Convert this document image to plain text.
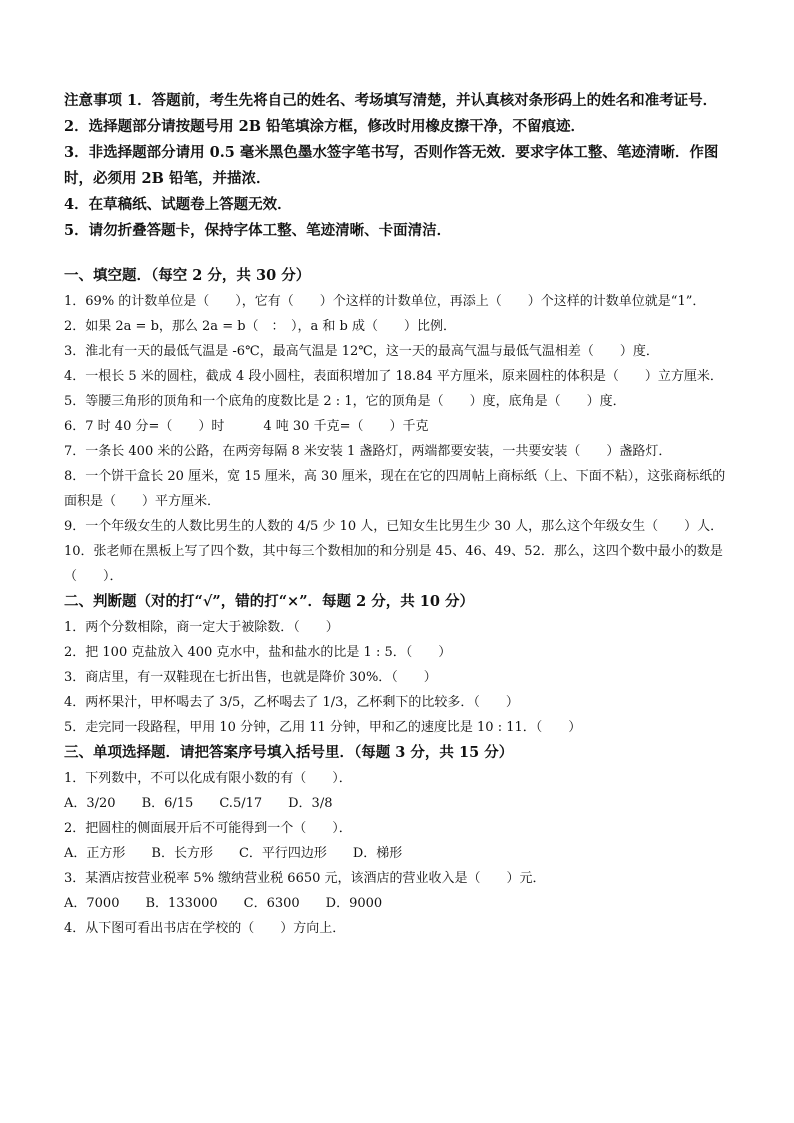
注意事项 1．答题前，考生先将自己的姓名、考场填写清楚，并认真核对条形码上的姓名和准考证号．

2．选择题部分请按题号用 2B 铅笔填涂方框，修改时用橡皮擦干净，不留痕迹．

3．非选择题部分请用 0.5 毫米黑色墨水签字笔书写，否则作答无效．要求字体工整、笔迹清晰．作图时，必须用 2B 铅笔，并描浓．

4．在草稿纸、试题卷上答题无效．

5．请勿折叠答题卡，保持字体工整、笔迹清晰、卡面清洁．

一、填空题．（每空 2 分，共 30 分）

1．69% 的计数单位是（　　），它有（　　）个这样的计数单位，再添上（　　）个这样的计数单位就是“1”．

2．如果 2a = b，那么 2a = b（　：　），a 和 b 成（　　）比例．

3．淮北有一天的最低气温是 -6℃，最高气温是 12℃，这一天的最高气温与最低气温相差（　　）度．

4．一根长 5 米的圆柱，截成 4 段小圆柱，表面积增加了 18.84 平方厘米，原来圆柱的体积是（　　）立方厘米．

5．等腰三角形的顶角和一个底角的度数比是 2 : 1，它的顶角是（　　）度，底角是（　　）度．

6．7 时 40 分=（　　）时　　　4 吨 30 千克=（　　）千克

7．一条长 400 米的公路，在两旁每隔 8 米安装 1 盏路灯，两端都要安装，一共要安装（　　）盏路灯．

8．一个饼干盒长 20 厘米，宽 15 厘米，高 30 厘米，现在在它的四周帖上商标纸（上、下面不粘），这张商标纸的面积是（　　）平方厘米．

9．一个年级女生的人数比男生的人数的 4/5 少 10 人，已知女生比男生少 30 人，那么这个年级女生（　　）人．

10．张老师在黑板上写了四个数，其中每三个数相加的和分别是 45、46、49、52．那么，这四个数中最小的数是（　　）．

二、判断题（对的打“√”，错的打“×”．每题 2 分，共 10 分）

1．两个分数相除，商一定大于被除数．（　　）

2．把 100 克盐放入 400 克水中，盐和盐水的比是 1 : 5．（　　）

3．商店里，有一双鞋现在七折出售，也就是降价 30%．（　　）

4．两杯果汁，甲杯喝去了 3/5，乙杯喝去了 1/3，乙杯剩下的比较多．（　　）

5．走完同一段路程，甲用 10 分钟，乙用 11 分钟，甲和乙的速度比是 10 : 11．（　　）

三、单项选择题．请把答案序号填入括号里．（每题 3 分，共 15 分）

1．下列数中，不可以化成有限小数的有（　　）．

A．3/20　　B．6/15　　C.5/17　　D．3/8

2．把圆柱的侧面展开后不可能得到一个（　　）．

A．正方形　　B．长方形　　C．平行四边形　　D．梯形

3．某酒店按营业税率 5% 缴纳营业税 6650 元，该酒店的营业收入是（　　）元．

A．7000　　B．133000　　C．6300　　D．9000

4．从下图可看出书店在学校的（　　）方向上．
